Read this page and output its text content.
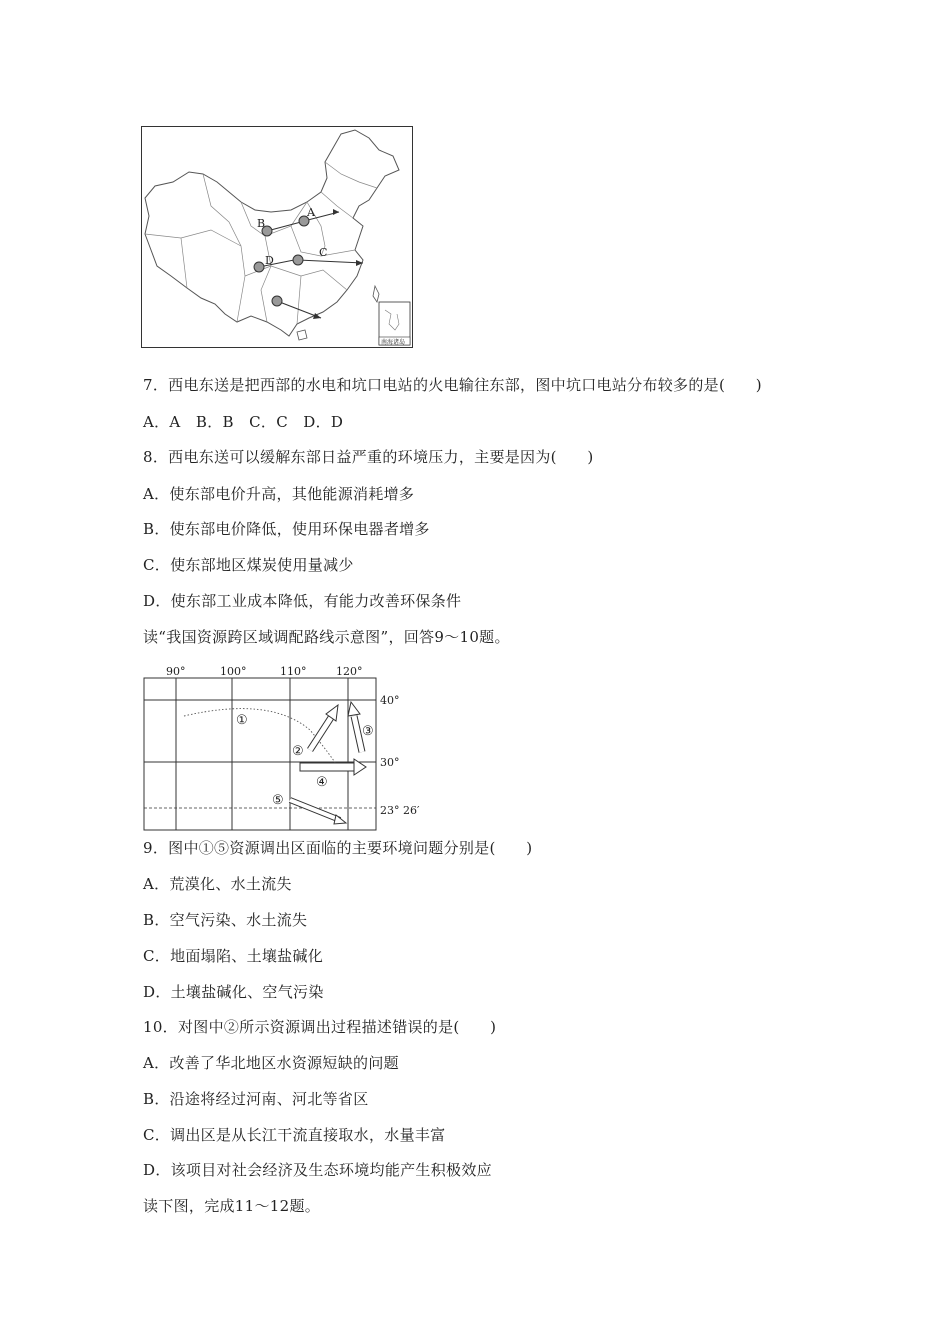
A
B
C
D
南海诸岛
7．西电东送是把西部的水电和坑口电站的火电输往东部，图中坑口电站分布较多的是(　　)
A．A　B．B　C．C　D．D
8．西电东送可以缓解东部日益严重的环境压力，主要是因为(　　)
A．使东部电价升高，其他能源消耗增多
B．使东部电价降低，使用环保电器者增多
C．使东部地区煤炭使用量减少
D．使东部工业成本降低，有能力改善环保条件
读“我国资源跨区域调配路线示意图”，回答9～10题。
90°	100°	110°	120°
40°
30°
23° 26′
①
②
③
④
⑤
9．图中①⑤资源调出区面临的主要环境问题分别是(　　)
A．荒漠化、水土流失
B．空气污染、水土流失
C．地面塌陷、土壤盐碱化
D．土壤盐碱化、空气污染
10．对图中②所示资源调出过程描述错误的是(　　)
A．改善了华北地区水资源短缺的问题
B．沿途将经过河南、河北等省区
C．调出区是从长江干流直接取水，水量丰富
D．该项目对社会经济及生态环境均能产生积极效应
读下图，完成11～12题。
